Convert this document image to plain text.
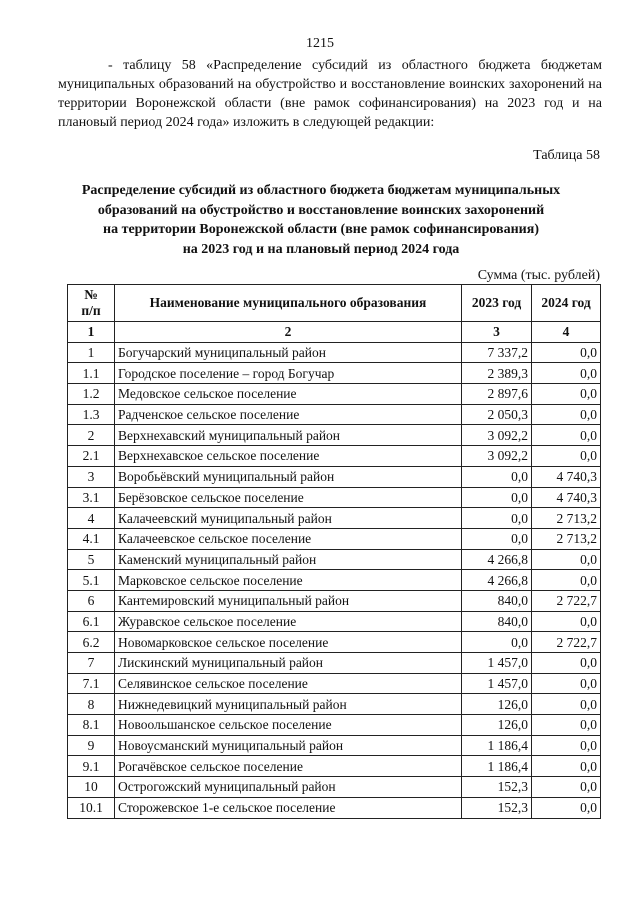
1215

- таблицу 58 «Распределение субсидий из областного бюджета бюджетам муниципальных образований на обустройство и восстановление воинских захоронений на территории Воронежской области (вне рамок софинансирования) на 2023 год и на плановый период 2024 года» изложить в следующей редакции:

Таблица 58
Распределение субсидий из областного бюджета бюджетам муниципальных
образований на обустройство и восстановление воинских захоронений
на территории Воронежской области (вне рамок софинансирования)
на 2023 год и на плановый период 2024 года
Сумма (тыс. рублей)
№
п/п	Наименование муниципального образования	2023 год	2024 год
1	2	3	4
1	Богучарский муниципальный район	7 337,2	0,0
1.1	Городское поселение – город Богучар	2 389,3	0,0
1.2	Медовское сельское поселение	2 897,6	0,0
1.3	Радченское сельское поселение	2 050,3	0,0
2	Верхнехавский муниципальный район	3 092,2	0,0
2.1	Верхнехавское сельское поселение	3 092,2	0,0
3	Воробьёвский муниципальный район	0,0	4 740,3
3.1	Берёзовское сельское поселение	0,0	4 740,3
4	Калачеевский муниципальный район	0,0	2 713,2
4.1	Калачеевское сельское поселение	0,0	2 713,2
5	Каменский муниципальный район	4 266,8	0,0
5.1	Марковское сельское поселение	4 266,8	0,0
6	Кантемировский муниципальный район	840,0	2 722,7
6.1	Журавское сельское поселение	840,0	0,0
6.2	Новомарковское сельское поселение	0,0	2 722,7
7	Лискинский муниципальный район	1 457,0	0,0
7.1	Селявинское сельское поселение	1 457,0	0,0
8	Нижнедевицкий муниципальный район	126,0	0,0
8.1	Новоольшанское сельское поселение	126,0	0,0
9	Новоусманский муниципальный район	1 186,4	0,0
9.1	Рогачёвское сельское поселение	1 186,4	0,0
10	Острогожский муниципальный район	152,3	0,0
10.1	Сторожевское 1-е сельское поселение	152,3	0,0
